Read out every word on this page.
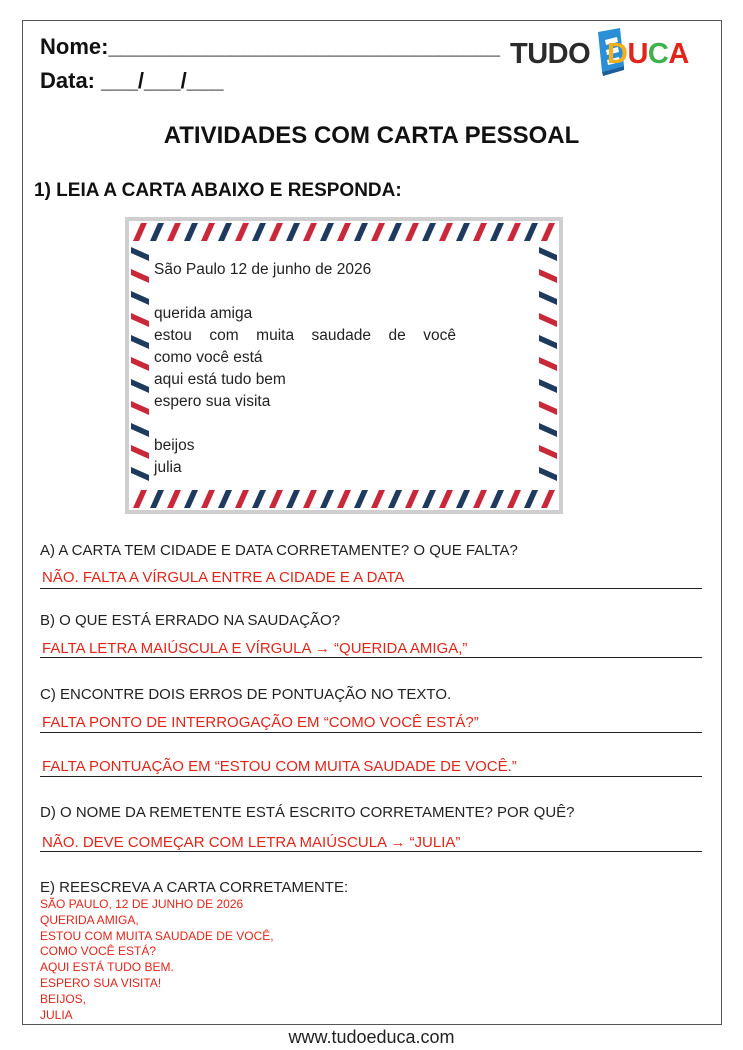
Nome:________________________________
Data: ___/___/___
TUDO DUCA
ATIVIDADES COM CARTA PESSOAL
1) LEIA A CARTA ABAIXO E RESPONDA:
São Paulo 12 de junho de 2026
querida amiga
estou com muita saudade de você
como você está
aqui está tudo bem
espero sua visita
beijos
julia
A) A CARTA TEM CIDADE E DATA CORRETAMENTE? O QUE FALTA?
NÃO. FALTA A VÍRGULA ENTRE A CIDADE E A DATA
B) O QUE ESTÁ ERRADO NA SAUDAÇÃO?
FALTA LETRA MAIÚSCULA E VÍRGULA → “QUERIDA AMIGA,”
C) ENCONTRE DOIS ERROS DE PONTUAÇÃO NO TEXTO.
FALTA PONTO DE INTERROGAÇÃO EM “COMO VOCÊ ESTÁ?”
FALTA PONTUAÇÃO EM “ESTOU COM MUITA SAUDADE DE VOCÊ.”
D) O NOME DA REMETENTE ESTÁ ESCRITO CORRETAMENTE? POR QUÊ?
NÃO. DEVE COMEÇAR COM LETRA MAIÚSCULA → “JULIA”
E) REESCREVA A CARTA CORRETAMENTE:
SÃO PAULO, 12 DE JUNHO DE 2026
QUERIDA AMIGA,
ESTOU COM MUITA SAUDADE DE VOCÊ,
COMO VOCÊ ESTÁ?
AQUI ESTÁ TUDO BEM.
ESPERO SUA VISITA!
BEIJOS,
JULIA
www.tudoeduca.com
